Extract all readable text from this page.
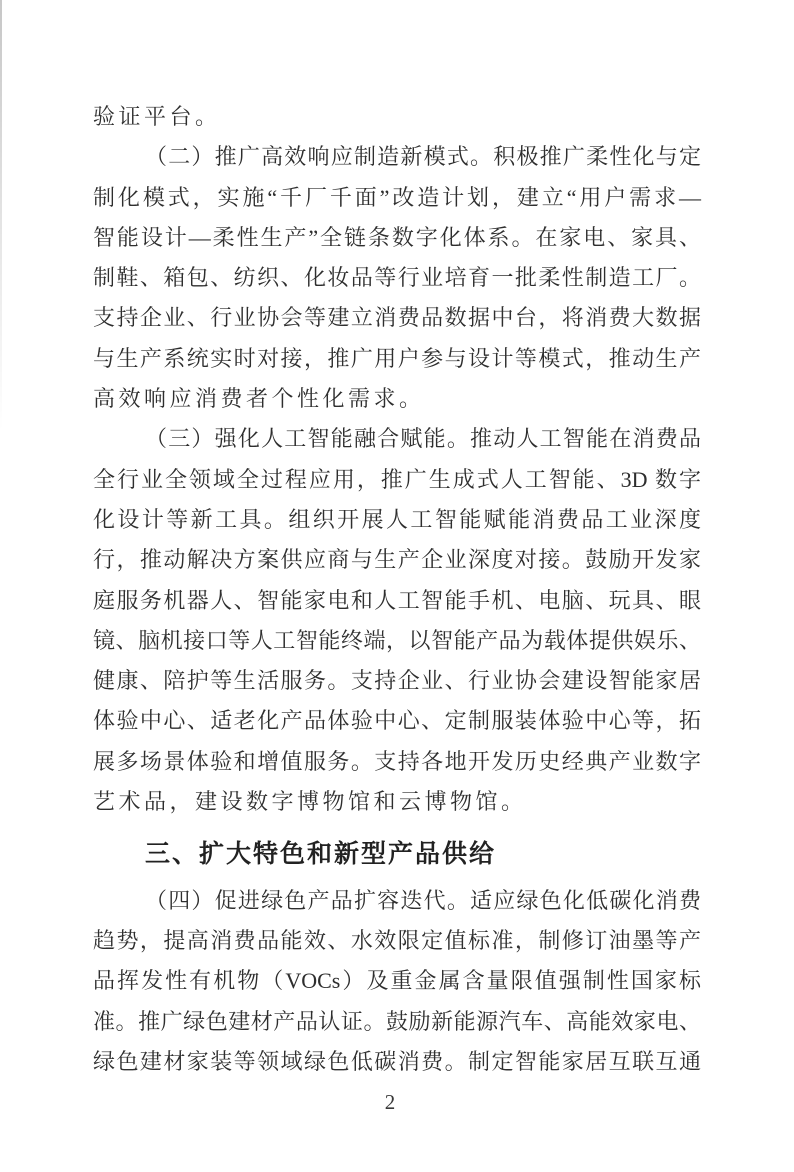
验证平台。
（二）推广高效响应制造新模式。积极推广柔性化与定
制化模式，实施“千厂千面”改造计划，建立“用户需求—
智能设计—柔性生产”全链条数字化体系。在家电、家具、
制鞋、箱包、纺织、化妆品等行业培育一批柔性制造工厂。
支持企业、行业协会等建立消费品数据中台，将消费大数据
与生产系统实时对接，推广用户参与设计等模式，推动生产
高效响应消费者个性化需求。
（三）强化人工智能融合赋能。推动人工智能在消费品
全行业全领域全过程应用，推广生成式人工智能、3D 数字
化设计等新工具。组织开展人工智能赋能消费品工业深度
行，推动解决方案供应商与生产企业深度对接。鼓励开发家
庭服务机器人、智能家电和人工智能手机、电脑、玩具、眼
镜、脑机接口等人工智能终端，以智能产品为载体提供娱乐、
健康、陪护等生活服务。支持企业、行业协会建设智能家居
体验中心、适老化产品体验中心、定制服装体验中心等，拓
展多场景体验和增值服务。支持各地开发历史经典产业数字
艺术品，建设数字博物馆和云博物馆。
三、扩大特色和新型产品供给
（四）促进绿色产品扩容迭代。适应绿色化低碳化消费
趋势，提高消费品能效、水效限定值标准，制修订油墨等产
品挥发性有机物（VOCs）及重金属含量限值强制性国家标
准。推广绿色建材产品认证。鼓励新能源汽车、高能效家电、
绿色建材家装等领域绿色低碳消费。制定智能家居互联互通
2
